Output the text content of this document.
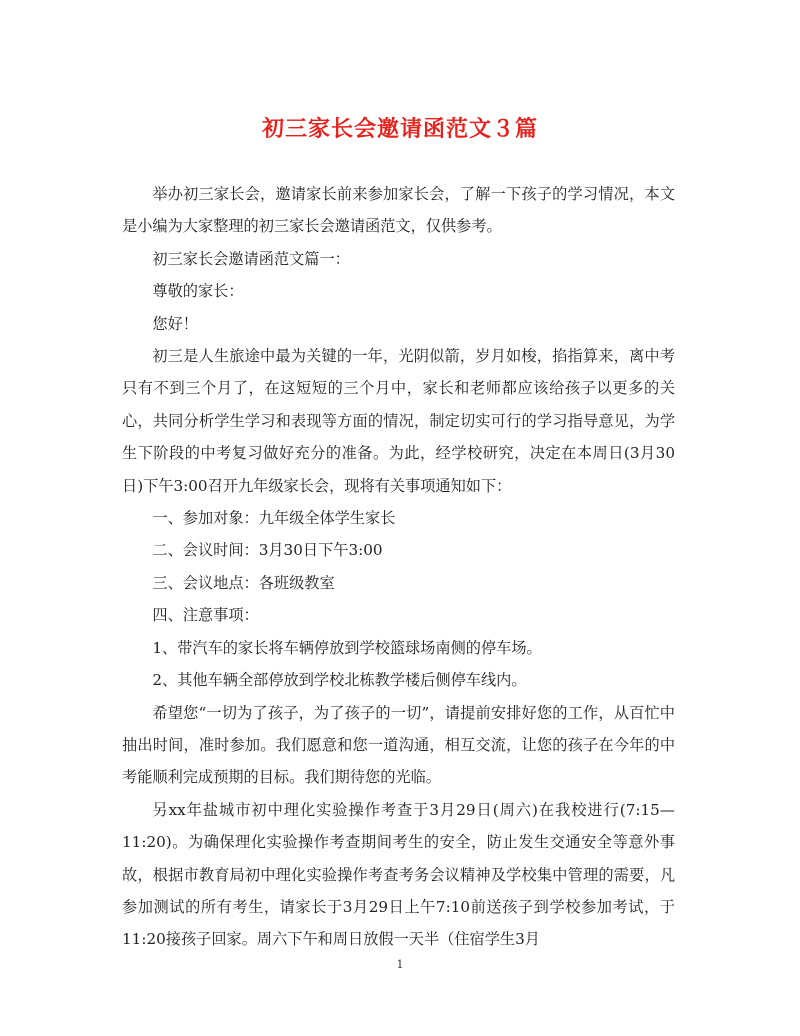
初三家长会邀请函范文３篇

举办初三家长会，邀请家长前来参加家长会，了解一下孩子的学习情况，本文是小编为大家整理的初三家长会邀请函范文，仅供参考。

初三家长会邀请函范文篇一：

尊敬的家长：

您好！

初三是人生旅途中最为关键的一年，光阴似箭，岁月如梭，掐指算来，离中考只有不到三个月了，在这短短的三个月中，家长和老师都应该给孩子以更多的关心，共同分析学生学习和表现等方面的情况，制定切实可行的学习指导意见，为学生下阶段的中考复习做好充分的准备。为此，经学校研究，决定在本周日(3月30日)下午3:00召开九年级家长会，现将有关事项通知如下：

一、参加对象：九年级全体学生家长

二、会议时间：3月30日下午3:00

三、会议地点：各班级教室

四、注意事项：

1、带汽车的家长将车辆停放到学校篮球场南侧的停车场。

2、其他车辆全部停放到学校北栋教学楼后侧停车线内。

希望您“一切为了孩子，为了孩子的一切”，请提前安排好您的工作，从百忙中抽出时间，准时参加。我们愿意和您一道沟通，相互交流，让您的孩子在今年的中考能顺利完成预期的目标。我们期待您的光临。

另xx年盐城市初中理化实验操作考查于3月29日(周六)在我校进行(7:15—11:20)。为确保理化实验操作考查期间考生的安全，防止发生交通安全等意外事故，根据市教育局初中理化实验操作考查考务会议精神及学校集中管理的需要，凡参加测试的所有考生，请家长于3月29日上午7:10前送孩子到学校参加考试，于11:20接孩子回家。周六下午和周日放假一天半（住宿学生3月

1
